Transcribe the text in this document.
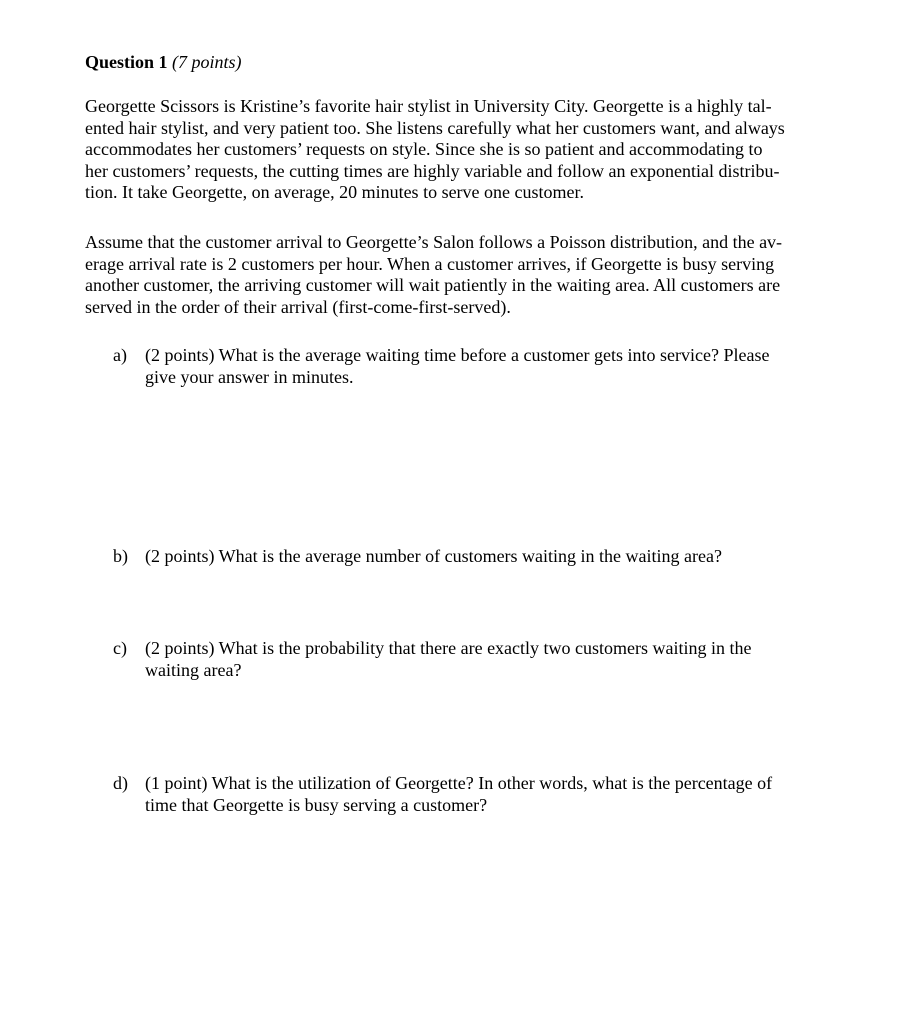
Question 1 (7 points)

Georgette Scissors is Kristine’s favorite hair stylist in University City. Georgette is a highly tal-
ented hair stylist, and very patient too. She listens carefully what her customers want, and always
accommodates her customers’ requests on style. Since she is so patient and accommodating to
her customers’ requests, the cutting times are highly variable and follow an exponential distribu-
tion. It take Georgette, on average, 20 minutes to serve one customer.

Assume that the customer arrival to Georgette’s Salon follows a Poisson distribution, and the av-
erage arrival rate is 2 customers per hour. When a customer arrives, if Georgette is busy serving
another customer, the arriving customer will wait patiently in the waiting area. All customers are
served in the order of their arrival (first-come-first-served).

a) (2 points) What is the average waiting time before a customer gets into service? Please
give your answer in minutes.
b) (2 points) What is the average number of customers waiting in the waiting area?
c) (2 points) What is the probability that there are exactly two customers waiting in the
waiting area?
d) (1 point) What is the utilization of Georgette? In other words, what is the percentage of
time that Georgette is busy serving a customer?
